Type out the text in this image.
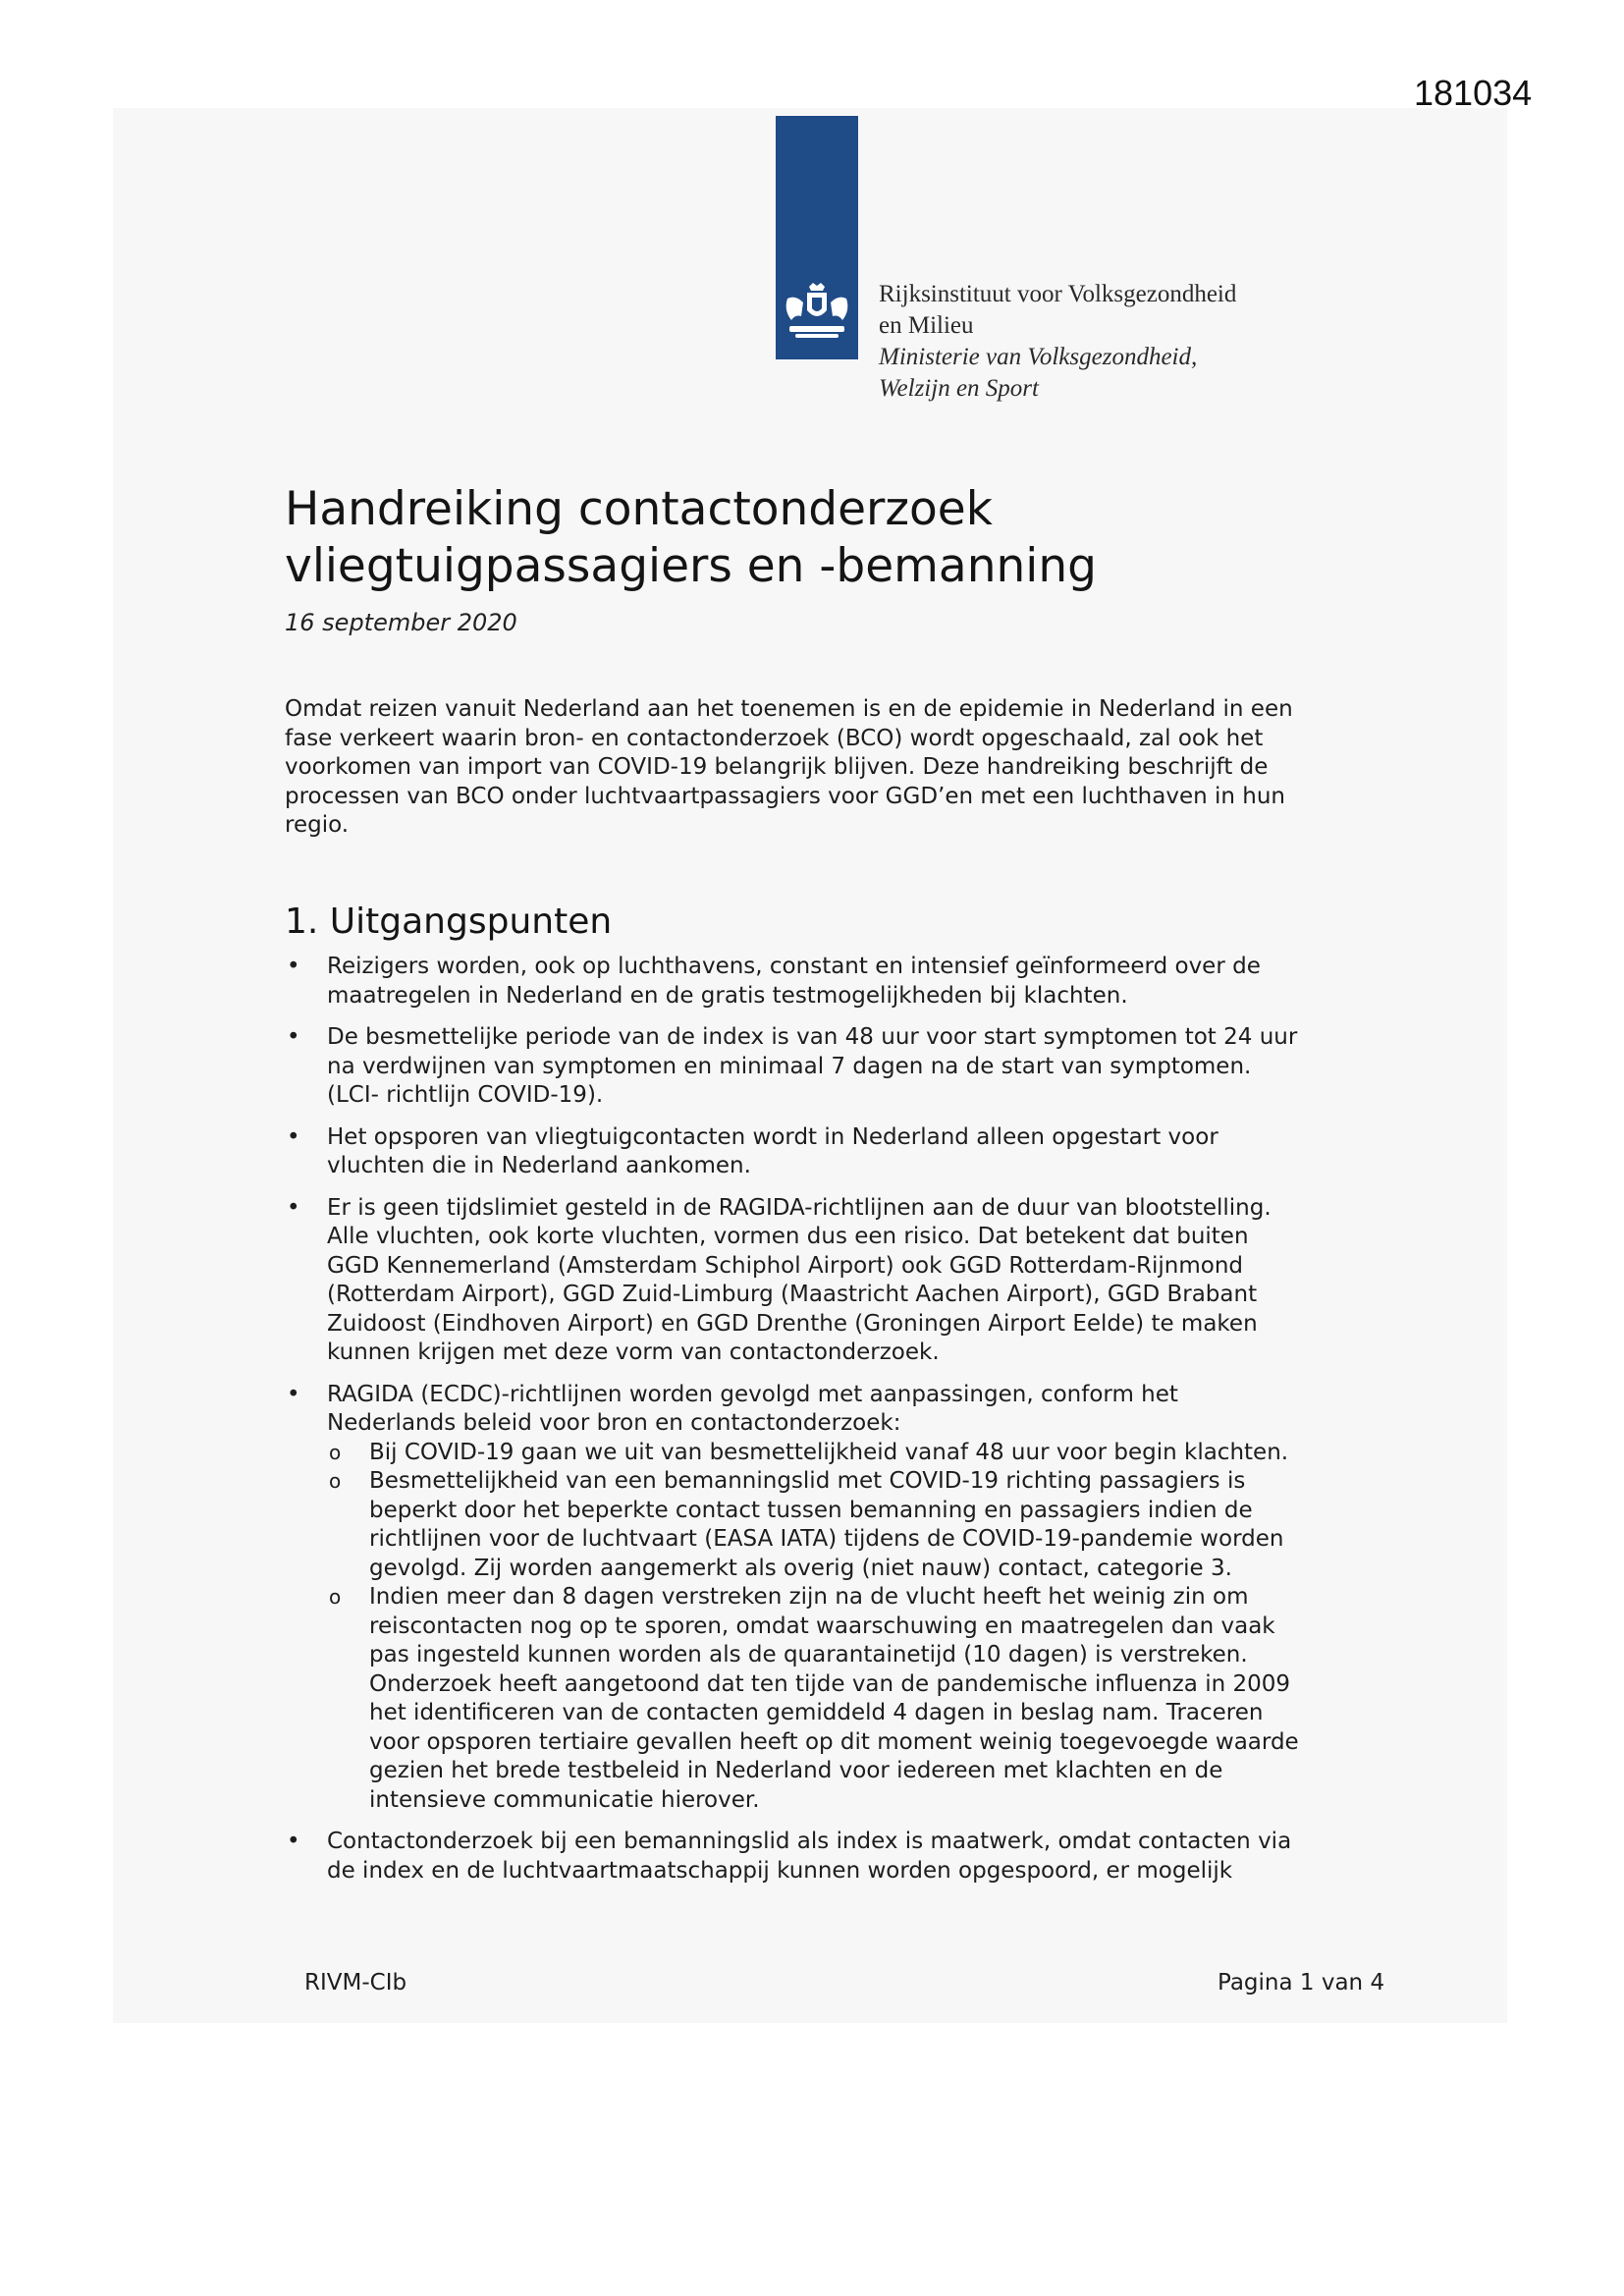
181034

Rijksinstituut voor Volksgezondheid

en Milieu

Ministerie van Volksgezondheid,

Welzijn en Sport

Handreiking contactonderzoek
vliegtuigpassagiers en -bemanning
16 september 2020

Omdat reizen vanuit Nederland aan het toenemen is en de epidemie in Nederland in een
fase verkeert waarin bron- en contactonderzoek (BCO) wordt opgeschaald, zal ook het
voorkomen van import van COVID-19 belangrijk blijven. Deze handreiking beschrijft de
processen van BCO onder luchtvaartpassagiers voor GGD’en met een luchthaven in hun
regio.

1. Uitgangspunten
• Reizigers worden, ook op luchthavens, constant en intensief geïnformeerd over de
maatregelen in Nederland en de gratis testmogelijkheden bij klachten.
• De besmettelijke periode van de index is van 48 uur voor start symptomen tot 24 uur
na verdwijnen van symptomen en minimaal 7 dagen na de start van symptomen.
(LCI- richtlijn COVID-19).
• Het opsporen van vliegtuigcontacten wordt in Nederland alleen opgestart voor
vluchten die in Nederland aankomen.
• Er is geen tijdslimiet gesteld in de RAGIDA-richtlijnen aan de duur van blootstelling.
Alle vluchten, ook korte vluchten, vormen dus een risico. Dat betekent dat buiten
GGD Kennemerland (Amsterdam Schiphol Airport) ook GGD Rotterdam-Rijnmond
(Rotterdam Airport), GGD Zuid-Limburg (Maastricht Aachen Airport), GGD Brabant
Zuidoost (Eindhoven Airport) en GGD Drenthe (Groningen Airport Eelde) te maken
kunnen krijgen met deze vorm van contactonderzoek.
• RAGIDA (ECDC)-richtlijnen worden gevolgd met aanpassingen, conform het
Nederlands beleid voor bron en contactonderzoek:
o Bij COVID-19 gaan we uit van besmettelijkheid vanaf 48 uur voor begin klachten.
o Besmettelijkheid van een bemanningslid met COVID-19 richting passagiers is
beperkt door het beperkte contact tussen bemanning en passagiers indien de
richtlijnen voor de luchtvaart (EASA IATA) tijdens de COVID-19-pandemie worden
gevolgd. Zij worden aangemerkt als overig (niet nauw) contact, categorie 3.
o Indien meer dan 8 dagen verstreken zijn na de vlucht heeft het weinig zin om
reiscontacten nog op te sporen, omdat waarschuwing en maatregelen dan vaak
pas ingesteld kunnen worden als de quarantainetijd (10 dagen) is verstreken.
Onderzoek heeft aangetoond dat ten tijde van de pandemische influenza in 2009
het identificeren van de contacten gemiddeld 4 dagen in beslag nam. Traceren
voor opsporen tertiaire gevallen heeft op dit moment weinig toegevoegde waarde
gezien het brede testbeleid in Nederland voor iedereen met klachten en de
intensieve communicatie hierover.
• Contactonderzoek bij een bemanningslid als index is maatwerk, omdat contacten via
de index en de luchtvaartmaatschappij kunnen worden opgespoord, er mogelijk
RIVM-CIb	Pagina 1 van 4
